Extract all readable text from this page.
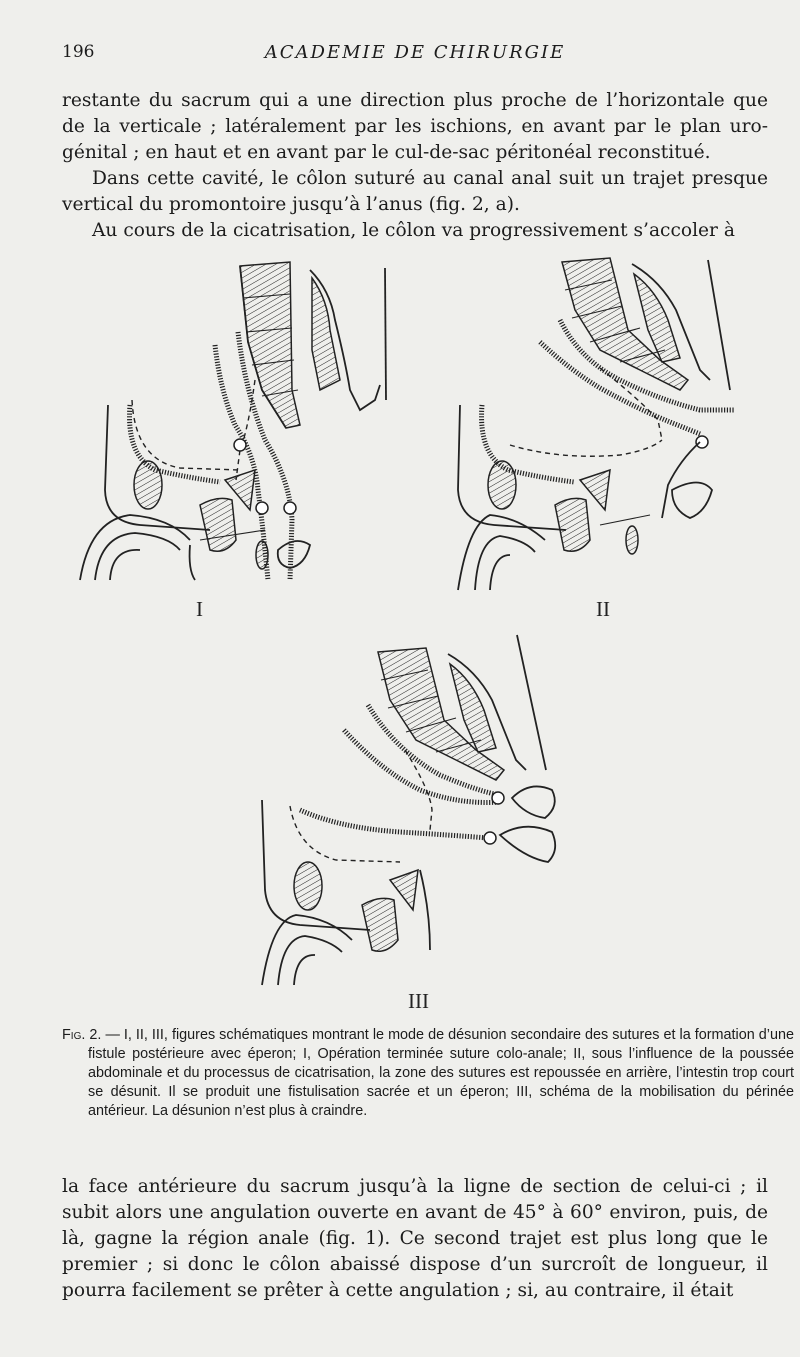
196	ACADEMIE DE CHIRURGIE

restante du sacrum qui a une direction plus proche de l’horizontale que de la verticale ; latéralement par les ischions, en avant par le plan uro-génital ; en haut et en avant par le cul-de-sac péritonéal reconstitué.

Dans cette cavité, le côlon suturé au canal anal suit un trajet presque vertical du promontoire jusqu’à l’anus (fig. 2, a).

Au cours de la cicatrisation, le côlon va progressivement s’accoler à

I	II
III
Fig. 2. — I, II, III, figures schématiques montrant le mode de désunion secondaire des sutures et la formation d’une fistule postérieure avec éperon; I, Opération terminée suture colo-anale; II, sous l’influence de la poussée abdominale et du processus de cicatrisation, la zone des sutures est repoussée en arrière, l’intestin trop court se désunit. Il se produit une fistulisation sacrée et un éperon; III, schéma de la mobilisation du périnée antérieur. La désunion n’est plus à craindre.

la face antérieure du sacrum jusqu’à la ligne de section de celui-ci ; il subit alors une angulation ouverte en avant de 45° à 60° environ, puis, de là, gagne la région anale (fig. 1). Ce second trajet est plus long que le premier ; si donc le côlon abaissé dispose d’un surcroît de longueur, il pourra facilement se prêter à cette angulation ; si, au contraire, il était
